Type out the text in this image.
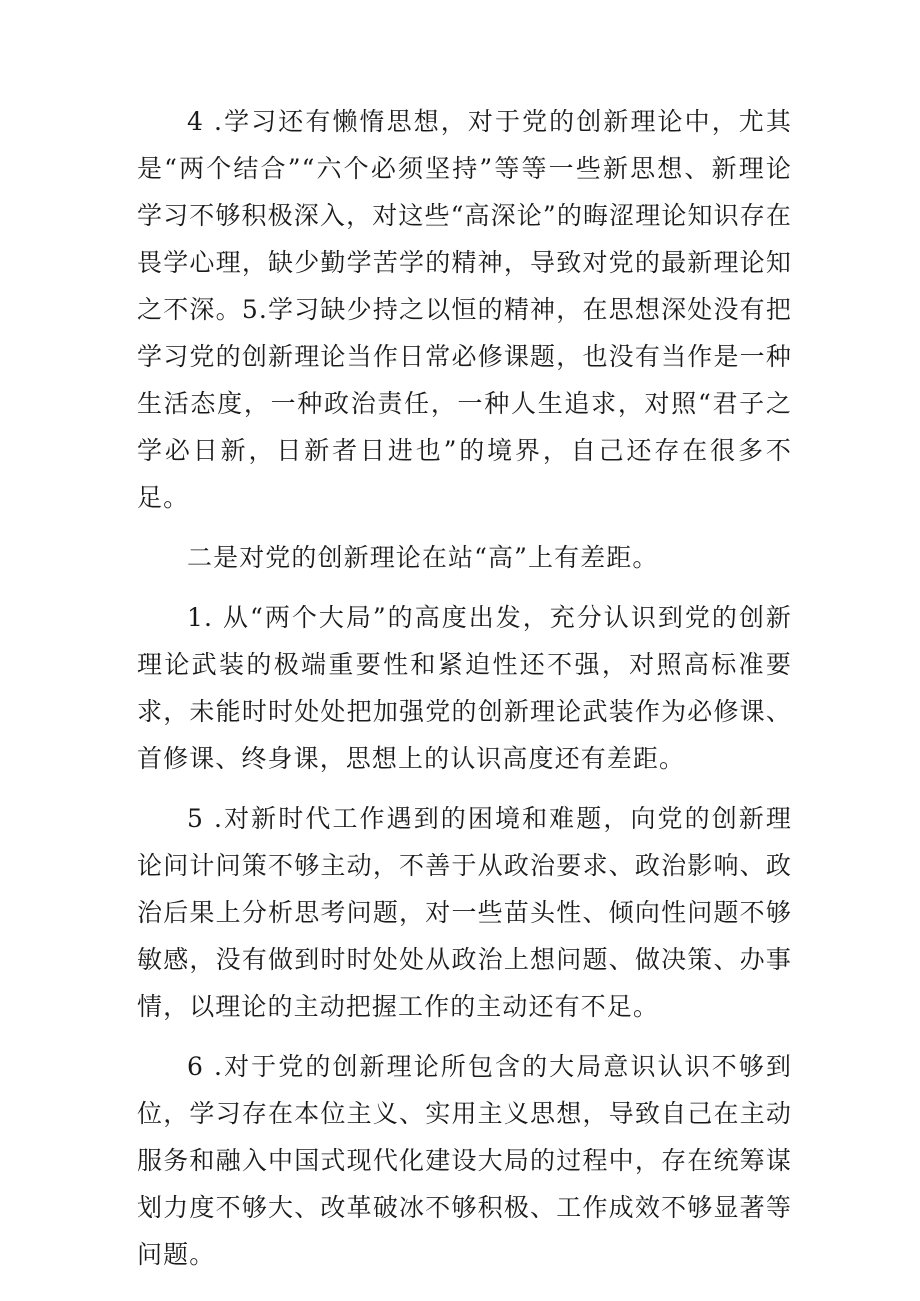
4 .学习还有懒惰思想，对于党的创新理论中，尤其是“两个结合”“六个必须坚持”等等一些新思想、新理论学习不够积极深入，对这些“高深论”的晦涩理论知识存在畏学心理，缺少勤学苦学的精神，导致对党的最新理论知之不深。5.学习缺少持之以恒的精神，在思想深处没有把学习党的创新理论当作日常必修课题，也没有当作是一种生活态度，一种政治责任，一种人生追求，对照“君子之学必日新，日新者日进也”的境界，自己还存在很多不足。

二是对党的创新理论在站“高”上有差距。

1. 从“两个大局”的高度出发，充分认识到党的创新理论武装的极端重要性和紧迫性还不强，对照高标准要求，未能时时处处把加强党的创新理论武装作为必修课、首修课、终身课，思想上的认识高度还有差距。

5 .对新时代工作遇到的困境和难题，向党的创新理论问计问策不够主动，不善于从政治要求、政治影响、政治后果上分析思考问题，对一些苗头性、倾向性问题不够敏感，没有做到时时处处从政治上想问题、做决策、办事情，以理论的主动把握工作的主动还有不足。

6 .对于党的创新理论所包含的大局意识认识不够到位，学习存在本位主义、实用主义思想，导致自己在主动服务和融入中国式现代化建设大局的过程中，存在统筹谋划力度不够大、改革破冰不够积极、工作成效不够显著等问题。
